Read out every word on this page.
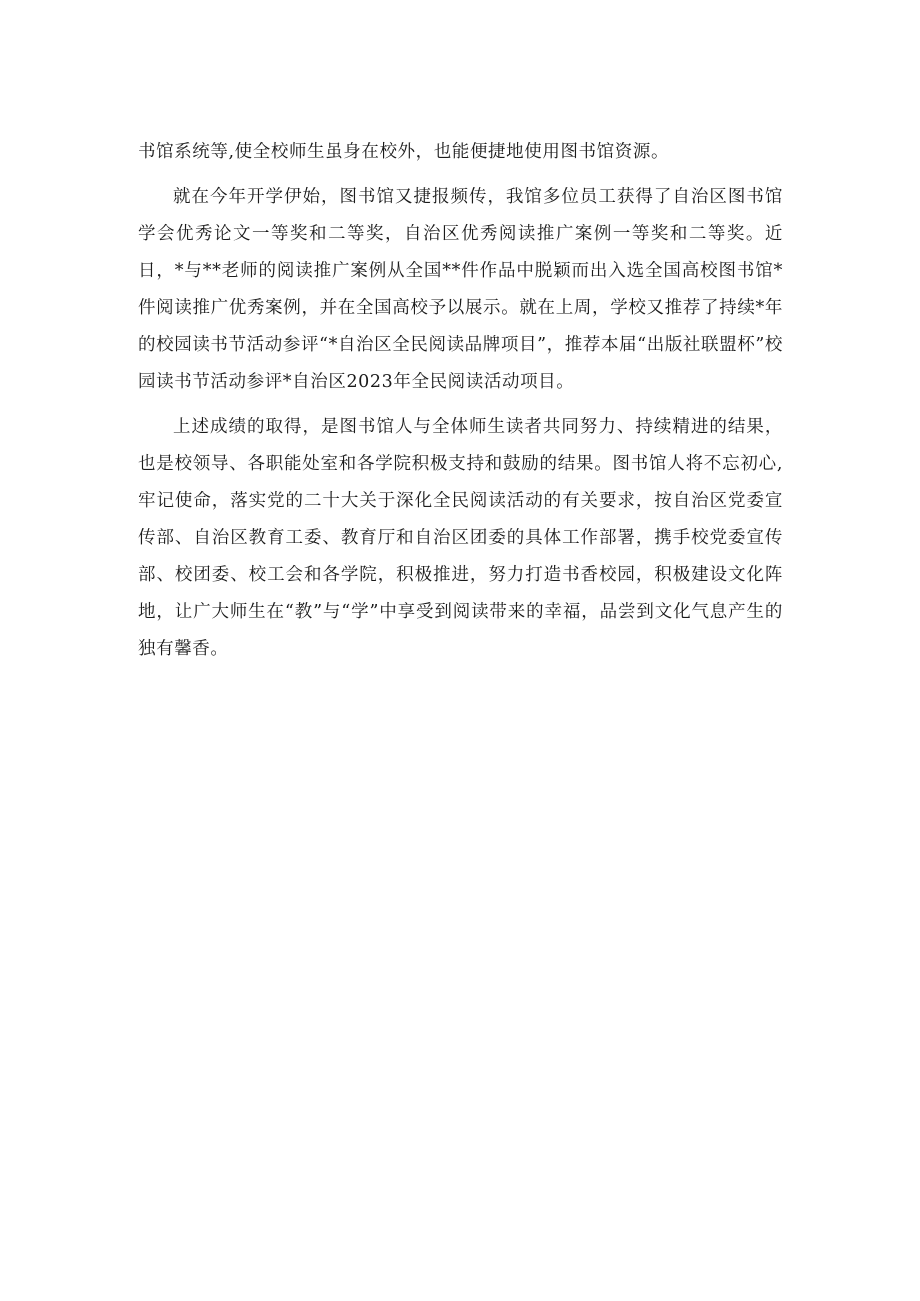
书馆系统等,使全校师生虽身在校外，也能便捷地使用图书馆资源。

就在今年开学伊始，图书馆又捷报频传，我馆多位员工获得了自治区图书馆学会优秀论文一等奖和二等奖，自治区优秀阅读推广案例一等奖和二等奖。近日，*与**老师的阅读推广案例从全国**件作品中脱颖而出入选全国高校图书馆*件阅读推广优秀案例，并在全国高校予以展示。就在上周，学校又推荐了持续*年的校园读书节活动参评“*自治区全民阅读品牌项目”，推荐本届“出版社联盟杯”校园读书节活动参评*自治区2023年全民阅读活动项目。

上述成绩的取得，是图书馆人与全体师生读者共同努力、持续精进的结果，也是校领导、各职能处室和各学院积极支持和鼓励的结果。图书馆人将不忘初心,牢记使命，落实党的二十大关于深化全民阅读活动的有关要求，按自治区党委宣传部、自治区教育工委、教育厅和自治区团委的具体工作部署，携手校党委宣传部、校团委、校工会和各学院，积极推进，努力打造书香校园，积极建设文化阵地，让广大师生在“教”与“学”中享受到阅读带来的幸福，品尝到文化气息产生的独有馨香。
